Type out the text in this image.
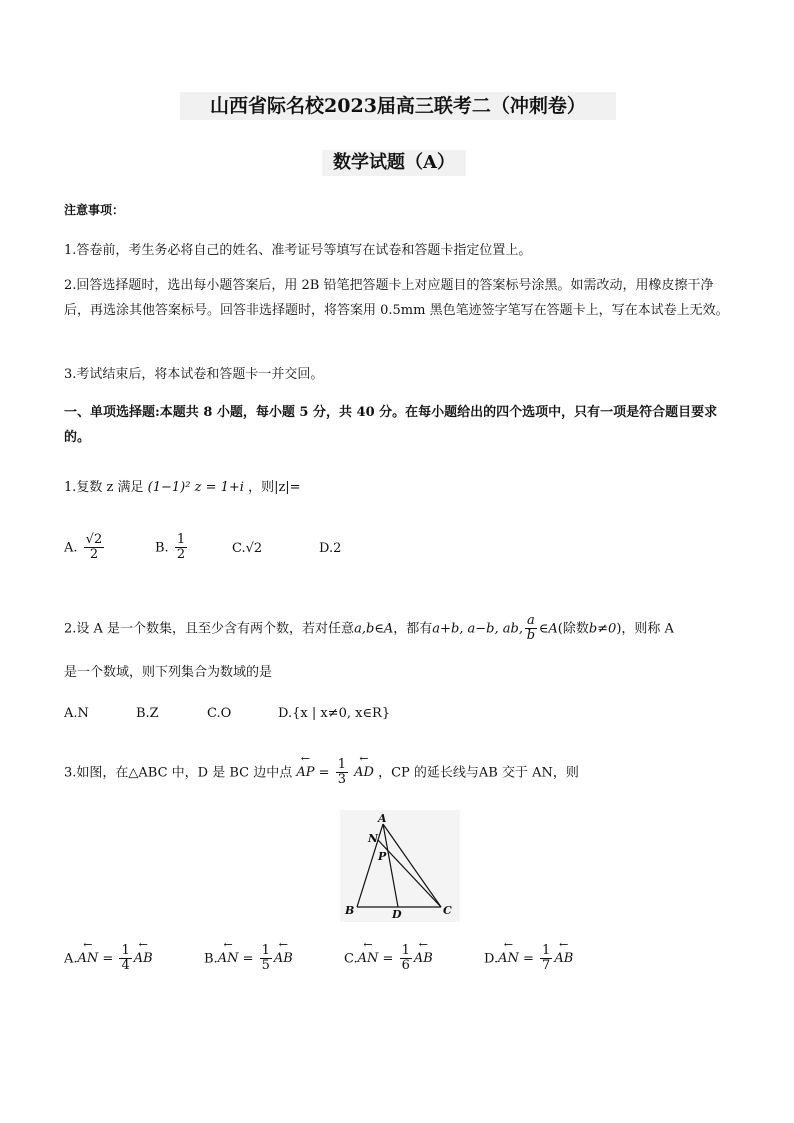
山西省际名校2023届高三联考二（冲刺卷）
数学试题（A）
注意事项：
1.答卷前，考生务必将自己的姓名、准考证号等填写在试卷和答题卡指定位置上。
2.回答选择题时，选出每小题答案后，用 2B 铅笔把答题卡上对应题目的答案标号涂黑。如需改动，用橡皮擦干净后，再选涂其他答案标号。回答非选择题时，将答案用 0.5mm 黑色笔迹签字笔写在答题卡上，写在本试卷上无效。
3.考试结束后，将本试卷和答题卡一并交回。
一、单项选择题:本题共 8 小题，每小题 5 分，共 40 分。在每小题给出的四个选项中，只有一项是符合题目要求的。
1.复数 z 满足 (1−1)² z = 1+i ，则|z|=
A. $\frac{√2}{2}$	B. $\frac{1}{2}$	C.√2	D.2
2.设 A 是一个数集，且至少含有两个数，若对任意a,b∈A，都有a+b, a−b, ab, $\frac{a}{b}$ ∈A(除数b≠0)，则称 A
是一个数域，则下列集合为数域的是
A.N	B.Z	C.O	D.{x | x≠0, x∈R}
3.如图，在△ABC 中，D 是 BC 边中点 ← AP = $\frac{1}{3}$ ← AD ，CP 的延长线与AB 交于 AN，则
A
N
P
B	D	C
A.← AN = $\frac{1}{4}$ ← AB	B.← AN = $\frac{1}{5}$ ← AB	C.← AN = $\frac{1}{6}$ ← AB	D.← AN = $\frac{1}{7}$ ← AB
